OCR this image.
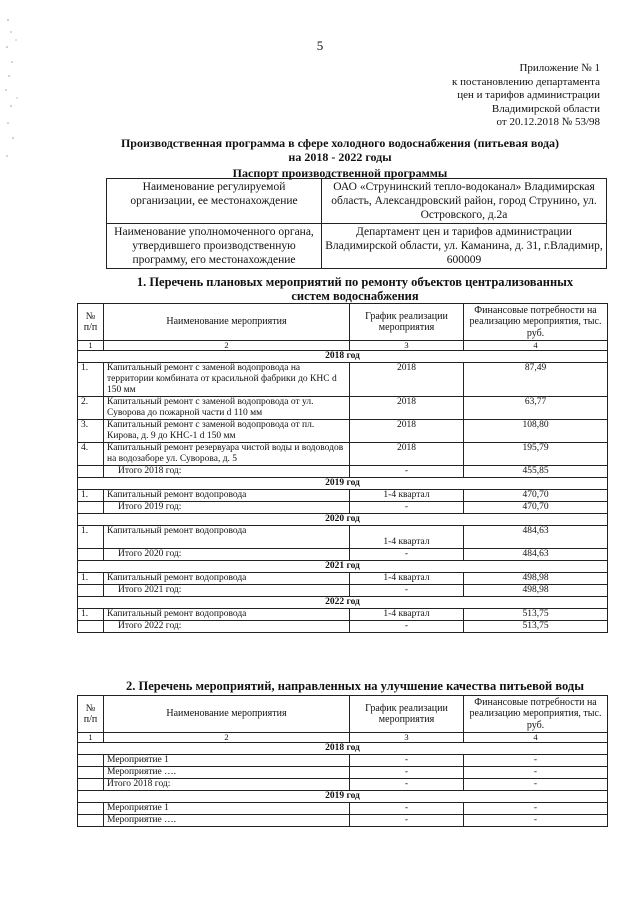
5
Приложение № 1
к постановлению департамента
цен и тарифов администрации
Владимирской области
от 20.12.2018 № 53/98
Производственная программа в сфере холодного водоснабжения (питьевая вода)
на 2018 - 2022 годы
Паспорт производственной программы
Наименование регулируемой организации, ее местонахождение	ОАО «Струнинский тепло-водоканал» Владимирская область, Александровский район, город Струнино, ул. Островского, д.2а
Наименование уполномоченного органа, утвердившего производственную программу, его местонахождение	Департамент цен и тарифов администрации Владимирской области, ул. Каманина, д. 31, г.Владимир, 600009
1. Перечень плановых мероприятий по ремонту объектов централизованных
систем водоснабжения
№ п/п	Наименование мероприятия	График реализации мероприятия	Финансовые потребности на реализацию мероприятия, тыс. руб.
1	2	3	4
2018 год			
1.	Капитальный ремонт с заменой водопровода на территории комбината от красильной фабрики до КНС d 150 мм	2018	87,49
2.	Капитальный ремонт с заменой водопровода от ул. Суворова до пожарной части d 110 мм	2018	63,77
3.	Капитальный ремонт с заменой водопровода от пл. Кирова, д. 9 до КНС-1 d 150 мм	2018	108,80
4.	Капитальный ремонт резервуара чистой воды и водоводов на водозаборе ул. Суворова, д. 5	2018	195,79
	Итого 2018 год:	-	455,85
2019 год			
1.	Капитальный ремонт водопровода	1-4 квартал	470,70
	Итого 2019 год:	-	470,70
2020 год			
1.	Капитальный ремонт водопровода	1-4 квартал	484,63
	Итого 2020 год:	-	484,63
2021 год			
1.	Капитальный ремонт водопровода	1-4 квартал	498,98
	Итого 2021 год:	-	498,98
2022 год			
1.	Капитальный ремонт водопровода	1-4 квартал	513,75
	Итого 2022 год:	-	513,75
2. Перечень мероприятий, направленных на улучшение качества питьевой воды
№ п/п	Наименование мероприятия	График реализации мероприятия	Финансовые потребности на реализацию мероприятия, тыс. руб.
1	2	3	4
2018 год			
	Мероприятие 1	-	-
	Мероприятие ….	-	-
	Итого 2018 год:	-	-
2019 год			
	Мероприятие 1	-	-
	Мероприятие ….	-	-
